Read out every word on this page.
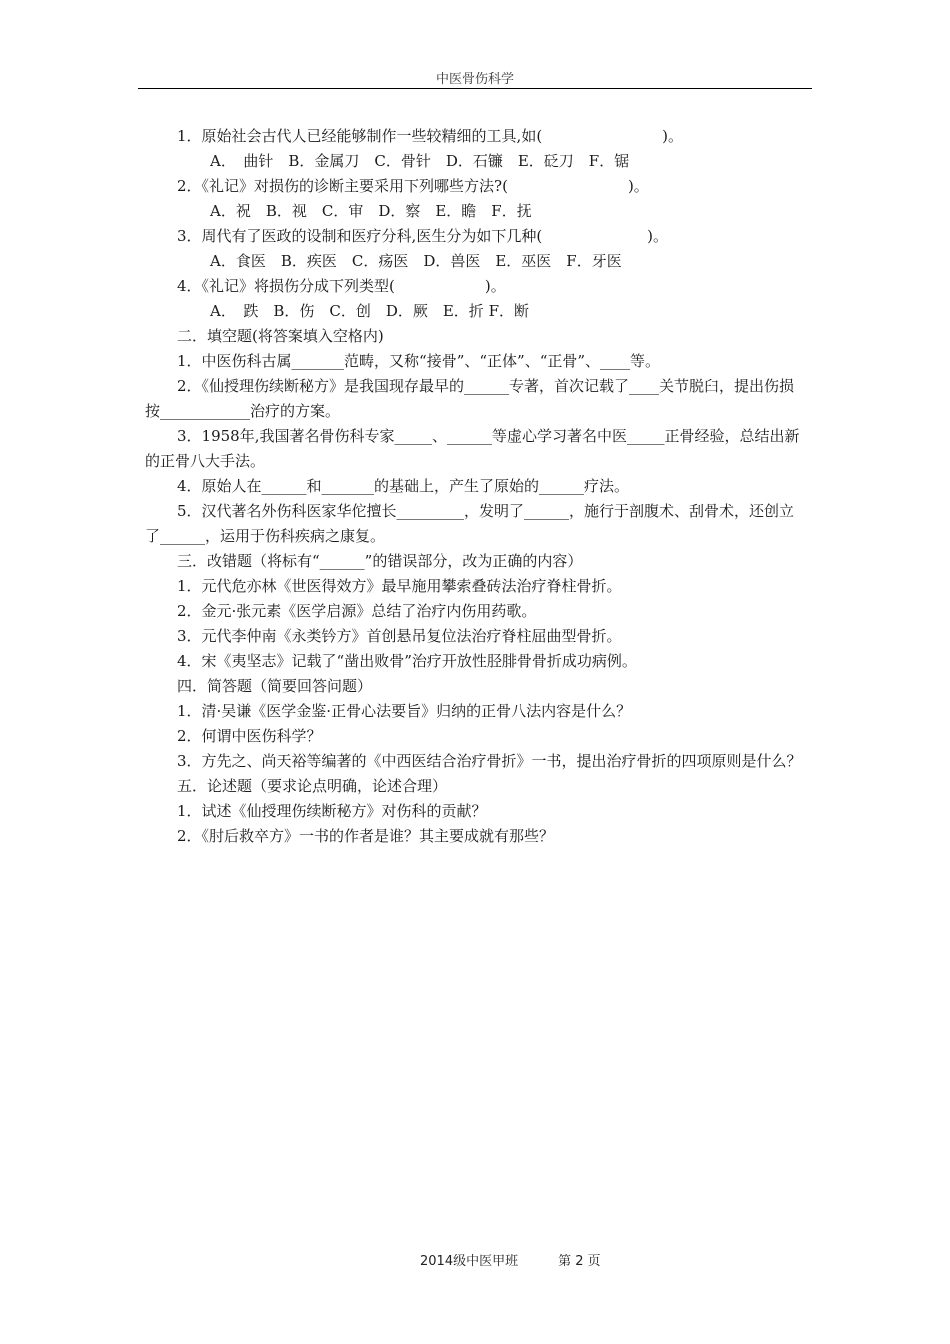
中医骨伤科学

1．原始社会古代人已经能够制作一些较精细的工具,如(　　　　　　　　)。

A．　曲针　B．金属刀　C．骨针　D．石镰　E．砭刀　F．锯

2．《礼记》对损伤的诊断主要采用下列哪些方法?(　　　　　　　　)。

A．祝　B．视　C．审　D．察　E．瞻　F．抚

3．周代有了医政的设制和医疗分科,医生分为如下几种(　　　　　　　)。

A．食医　B．疾医　C．疡医　D．兽医　E．巫医　F．牙医

4．《礼记》将损伤分成下列类型(　　　　　　)。

A．　跌　B．伤　C．创　D．厥　E．折 F．断

二．填空题(将答案填入空格内)

1．中医伤科古属_______范畴，又称“接骨”、“正体”、“正骨”、____等。

2．《仙授理伤续断秘方》是我国现存最早的______专著，首次记载了____关节脱臼，提出伤损按____________治疗的方案。

3．1958年,我国著名骨伤科专家_____、______等虚心学习著名中医_____正骨经验，总结出新的正骨八大手法。

4．原始人在______和_______的基础上，产生了原始的______疗法。

5．汉代著名外伤科医家华佗擅长_________，发明了______，施行于剖腹术、刮骨术，还创立了______，运用于伤科疾病之康复。

三．改错题（将标有“______”的错误部分，改为正确的内容）

1．元代危亦林《世医得效方》最早施用攀索叠砖法治疗脊柱骨折。

2．金元·张元素《医学启源》总结了治疗内伤用药歌。

3．元代李仲南《永类钤方》首创悬吊复位法治疗脊柱屈曲型骨折。

4．宋《夷坚志》记载了“凿出败骨”治疗开放性胫腓骨骨折成功病例。

四．简答题（简要回答问题）

1．清·吴谦《医学金鉴·正骨心法要旨》归纳的正骨八法内容是什么？

2．何谓中医伤科学？

3．方先之、尚天裕等编著的《中西医结合治疗骨折》一书，提出治疗骨折的四项原则是什么？

五．论述题（要求论点明确，论述合理）

1．试述《仙授理伤续断秘方》对伤科的贡献？

2．《肘后救卒方》一书的作者是谁？其主要成就有那些？

2014级中医甲班	第 2 页
